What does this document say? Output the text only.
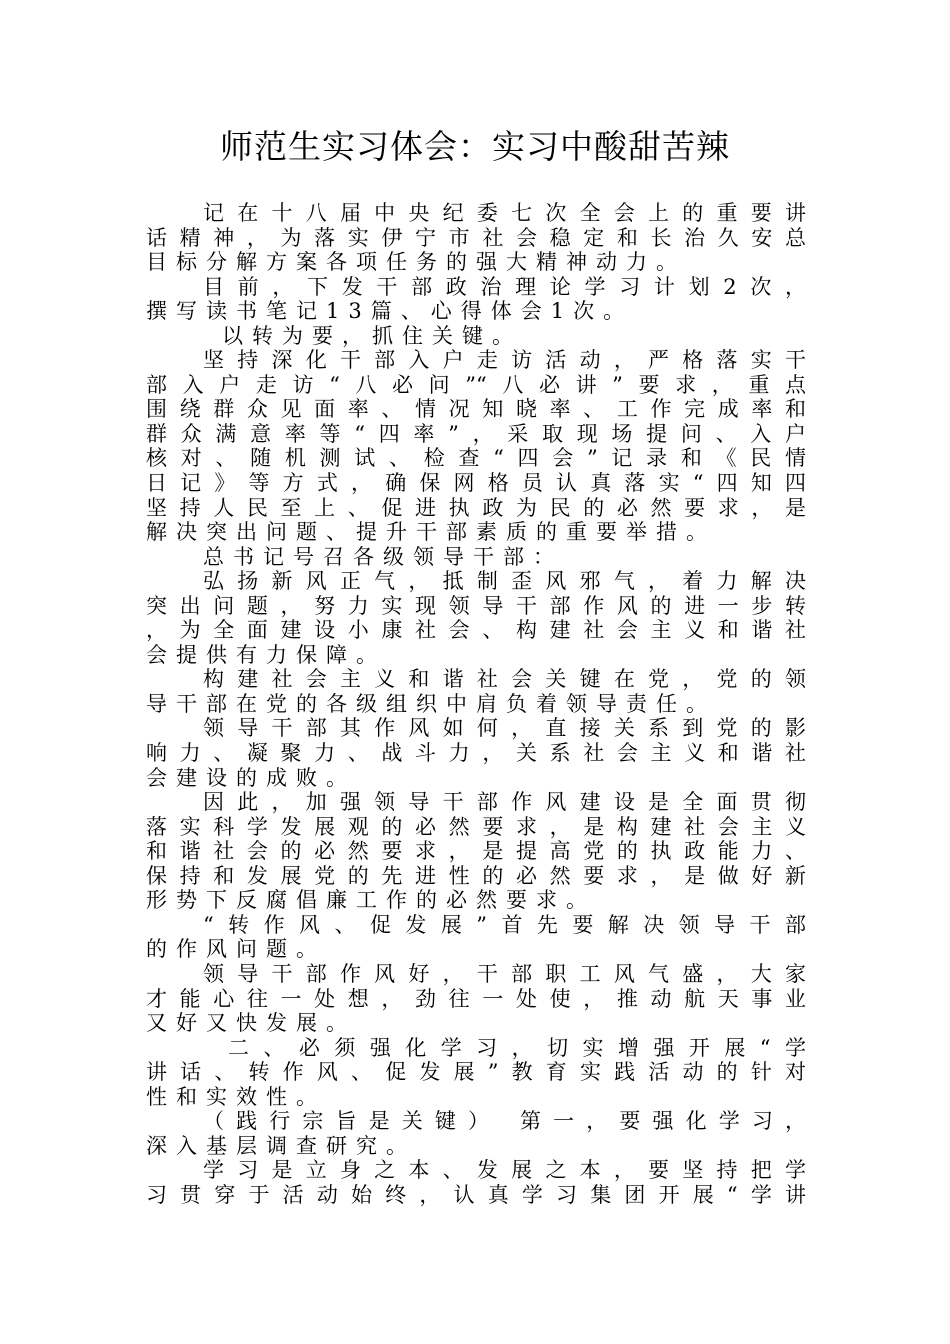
师范生实习体会：实习中酸甜苦辣
记在十八届中央纪委七次全会上的重要讲
话精神，为落实伊宁市社会稳定和长治久安总
目标分解方案各项任务的强大精神动力。
目前，下发干部政治理论学习计划2次，
撰写读书笔记13篇、心得体会1次。
以转为要，抓住关键。
坚持深化干部入户走访活动，严格落实干
部入户走访“八必问”“八必讲”要求，重点
围绕群众见面率、情况知晓率、工作完成率和
群众满意率等“四率”，采取现场提问、入户
核对、随机测试、检查“四会”记录和《民情
日记》等方式，确保网格员认真落实“四知四
坚持人民至上、促进执政为民的必然要求，是
解决突出问题、提升干部素质的重要举措。
总书记号召各级领导干部：
弘扬新风正气，抵制歪风邪气，着力解决
突出问题，努力实现领导干部作风的进一步转
，为全面建设小康社会、构建社会主义和谐社
会提供有力保障。
构建社会主义和谐社会关键在党，党的领
导干部在党的各级组织中肩负着领导责任。
领导干部其作风如何，直接关系到党的影
响力、凝聚力、战斗力，关系社会主义和谐社
会建设的成败。
因此，加强领导干部作风建设是全面贯彻
落实科学发展观的必然要求，是构建社会主义
和谐社会的必然要求，是提高党的执政能力、
保持和发展党的先进性的必然要求，是做好新
形势下反腐倡廉工作的必然要求。
“转作风、促发展”首先要解决领导干部
的作风问题。
领导干部作风好，干部职工风气盛，大家
才能心往一处想，劲往一处使，推动航天事业
又好又快发展。
二、必须强化学习，切实增强开展“学
讲话、转作风、促发展”教育实践活动的针对
性和实效性。
（践行宗旨是关键） 第一，要强化学习，
深入基层调查研究。
学习是立身之本、发展之本，要坚持把学
习贯穿于活动始终，认真学习集团开展“学讲
